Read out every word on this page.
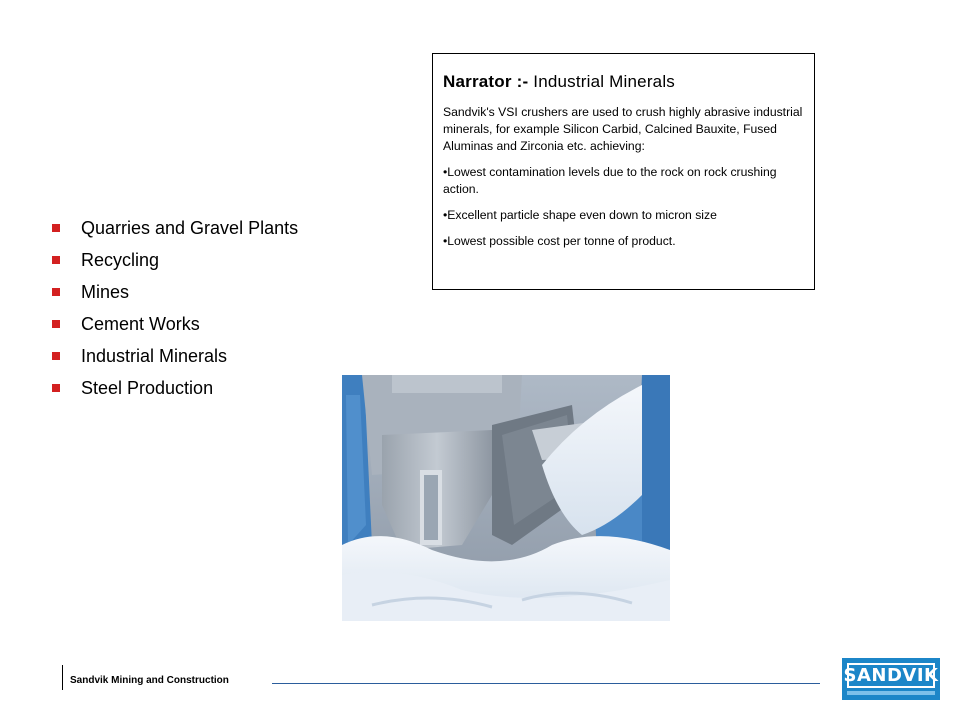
Narrator :- Industrial Minerals

Sandvik's VSI crushers are used to crush highly abrasive industrial minerals, for example Silicon Carbid, Calcined Bauxite, Fused Aluminas and Zirconia etc. achieving:

•Lowest contamination levels due to the rock on rock crushing action.

•Excellent particle shape even down to micron size

•Lowest possible cost per tonne of product.

Quarries and Gravel Plants
Recycling
Mines
Cement Works
Industrial Minerals
Steel Production
Sandvik Mining and Construction	SANDVIK
